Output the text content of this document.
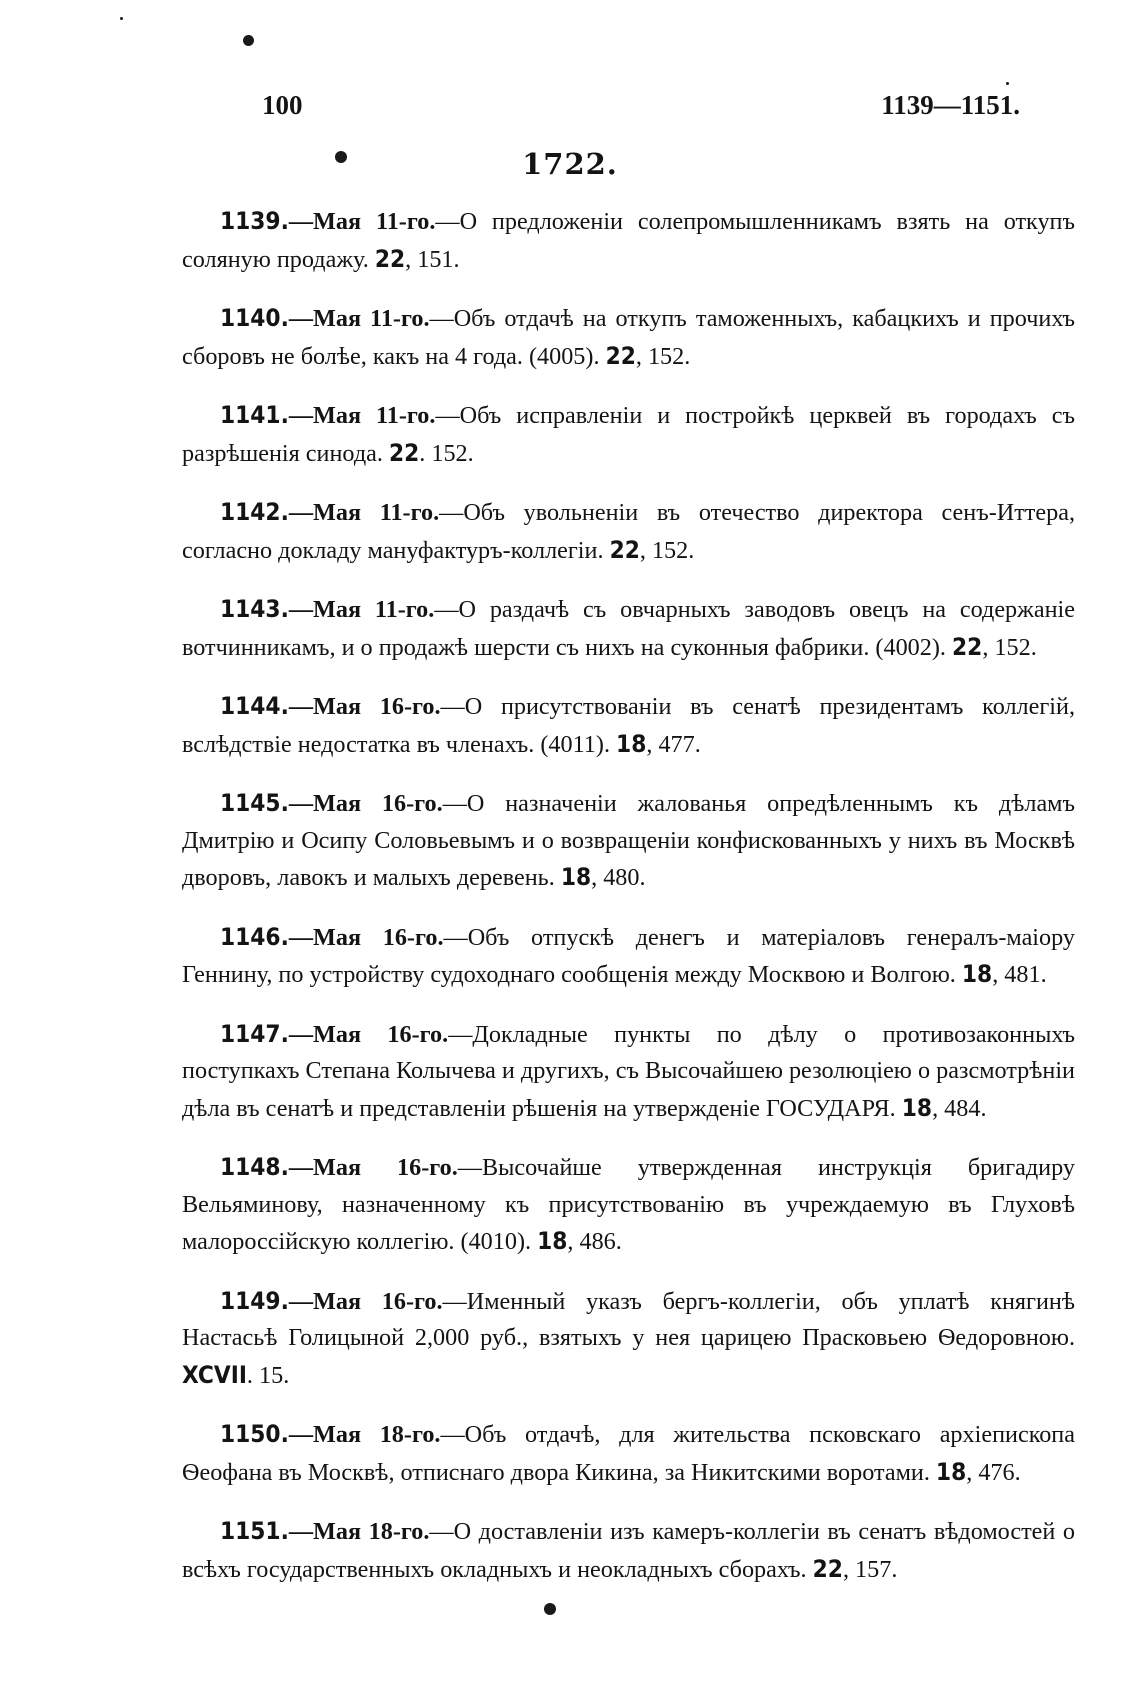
100	1139—1151.
1722.

1139.—Мая 11-го.—О предложеніи солепромышленникамъ взять на откупъ соляную продажу. 22, 151.

1140.—Мая 11-го.—Объ отдачѣ на откупъ таможенныхъ, кабацкихъ и прочихъ сборовъ не болѣе, какъ на 4 года. (4005). 22, 152.

1141.—Мая 11-го.—Объ исправленіи и постройкѣ церквей въ городахъ съ разрѣшенія синода. 22. 152.

1142.—Мая 11-го.—Объ увольненіи въ отечество директора сенъ-Иттера, согласно докладу мануфактуръ-коллегіи. 22, 152.

1143.—Мая 11-го.—О раздачѣ съ овчарныхъ заводовъ овецъ на содержаніе вотчинникамъ, и о продажѣ шерсти съ нихъ на суконныя фабрики. (4002). 22, 152.

1144.—Мая 16-го.—О присутствованіи въ сенатѣ президентамъ коллегій, вслѣдствіе недостатка въ членахъ. (4011). 18, 477.

1145.—Мая 16-го.—О назначеніи жалованья опредѣленнымъ къ дѣламъ Дмитрію и Осипу Соловьевымъ и о возвращеніи конфискованныхъ у нихъ въ Москвѣ дворовъ, лавокъ и малыхъ деревень. 18, 480.

1146.—Мая 16-го.—Объ отпускѣ денегъ и матеріаловъ генералъ-маіору Геннину, по устройству судоходнаго сообщенія между Москвою и Волгою. 18, 481.

1147.—Мая 16-го.—Докладные пункты по дѣлу о противозаконныхъ поступкахъ Степана Колычева и другихъ, съ Высочайшею резолюціею о разсмотрѣніи дѣла въ сенатѣ и представленіи рѣшенія на утвержденіе ГОСУДАРЯ. 18, 484.

1148.—Мая 16-го.—Высочайше утвержденная инструкція бригадиру Вельяминову, назначенному къ присутствованію въ учреждаемую въ Глуховѣ малороссійскую коллегію. (4010). 18, 486.

1149.—Мая 16-го.—Именный указъ бергъ-коллегіи, объ уплатѣ княгинѣ Настасьѣ Голицыной 2,000 руб., взятыхъ у нея царицею Прасковьею Ѳедоровною. XCVII. 15.

1150.—Мая 18-го.—Объ отдачѣ, для жительства псковскаго архіепископа Ѳеофана въ Москвѣ, отписнаго двора Кикина, за Никитскими воротами. 18, 476.

1151.—Мая 18-го.—О доставленіи изъ камеръ-коллегіи въ сенатъ вѣдомостей о всѣхъ государственныхъ окладныхъ и неокладныхъ сборахъ. 22, 157.
